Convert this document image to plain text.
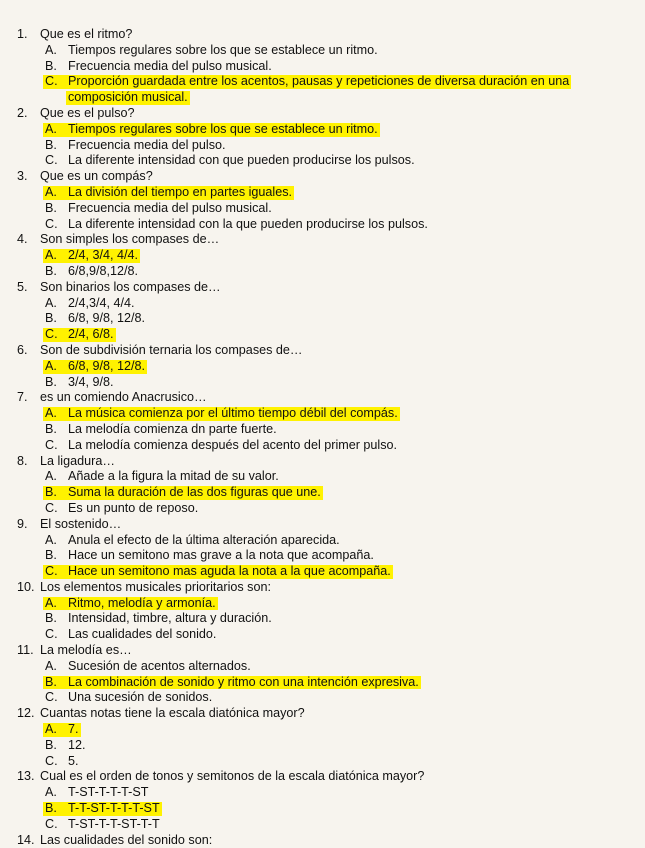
1. Que es el ritmo?
A. Tiempos regulares sobre los que se establece un ritmo.
B. Frecuencia media del pulso musical.
C. Proporción guardada entre los acentos, pausas y repeticiones de diversa duración en una
composición musical.
2. Que es el pulso?
A. Tiempos regulares sobre los que se establece un ritmo.
B. Frecuencia media del pulso.
C. La diferente intensidad con que pueden producirse los pulsos.
3. Que es un compás?
A. La división del tiempo en partes iguales.
B. Frecuencia media del pulso musical.
C. La diferente intensidad con la que pueden producirse los pulsos.
4. Son simples los compases de…
A. 2/4, 3/4, 4/4.
B. 6/8,9/8,12/8.
5. Son binarios los compases de…
A. 2/4,3/4, 4/4.
B. 6/8, 9/8, 12/8.
C. 2/4, 6/8.
6. Son de subdivisión ternaria los compases de…
A. 6/8, 9/8, 12/8.
B. 3/4, 9/8.
7. es un comiendo Anacrusico…
A. La música comienza por el último tiempo débil del compás.
B. La melodía comienza dn parte fuerte.
C. La melodía comienza después del acento del primer pulso.
8. La ligadura…
A. Añade a la figura la mitad de su valor.
B. Suma la duración de las dos figuras que une.
C. Es un punto de reposo.
9. El sostenido…
A. Anula el efecto de la última alteración aparecida.
B. Hace un semitono mas grave a la nota que acompaña.
C. Hace un semitono mas aguda la nota a la que acompaña.
10. Los elementos musicales prioritarios son:
A. Ritmo, melodía y armonía.
B. Intensidad, timbre, altura y duración.
C. Las cualidades del sonido.
11. La melodía es…
A. Sucesión de acentos alternados.
B. La combinación de sonido y ritmo con una intención expresiva.
C. Una sucesión de sonidos.
12. Cuantas notas tiene la escala diatónica mayor?
A. 7.
B. 12.
C. 5.
13. Cual es el orden de tonos y semitonos de la escala diatónica mayor?
A. T-ST-T-T-T-ST
B. T-T-ST-T-T-T-ST
C. T-ST-T-T-ST-T-T
14. Las cualidades del sonido son:
